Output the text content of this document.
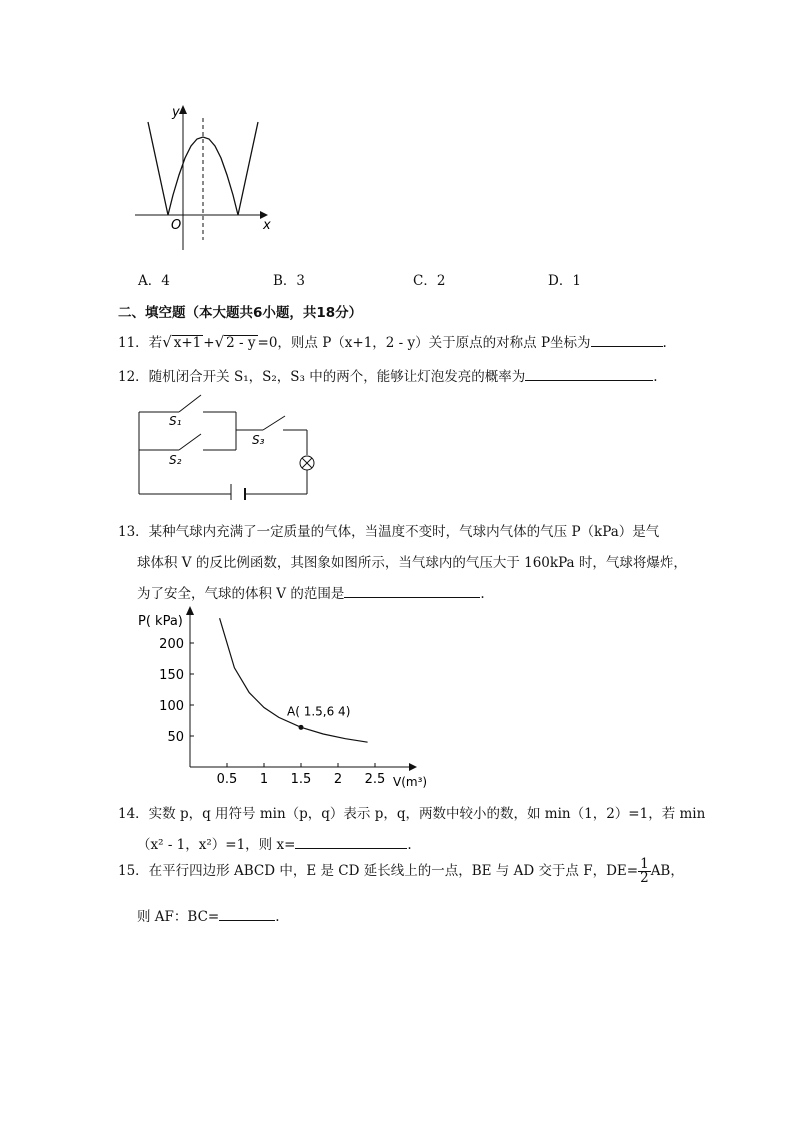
y
x
O
A．4	B．3	C．2	D．1
二、填空题（本大题共6小题，共18分）
11．若√ x+1 +√ 2 - y =0，则点 P（x+1，2 - y）关于原点的对称点 P坐标为	.
12．随机闭合开关 S₁，S₂，S₃ 中的两个，能够让灯泡发亮的概率为	.
S₁
S₂
S₃
13．某种气球内充满了一定质量的气体，当温度不变时，气球内气体的气压 P（kPa）是气
球体积 V 的反比例函数，其图象如图所示，当气球内的气压大于 160kPa 时，气球将爆炸，
为了安全，气球的体积 V 的范围是	.
200
150
100
50
0.5 1 1.5 2 2.5
A( 1.5,6 4)
P( kPa)
V(m³)
14．实数 p，q 用符号 min（p，q）表示 p，q，两数中较小的数，如 min（1，2）=1，若 min
（x² - 1，x²）=1，则 x=	.
15．在平行四边形 ABCD 中，E 是 CD 延长线上的一点，BE 与 AD 交于点 F，$DE= \frac{1}{2}$ AB，
则 AF：BC=	.
